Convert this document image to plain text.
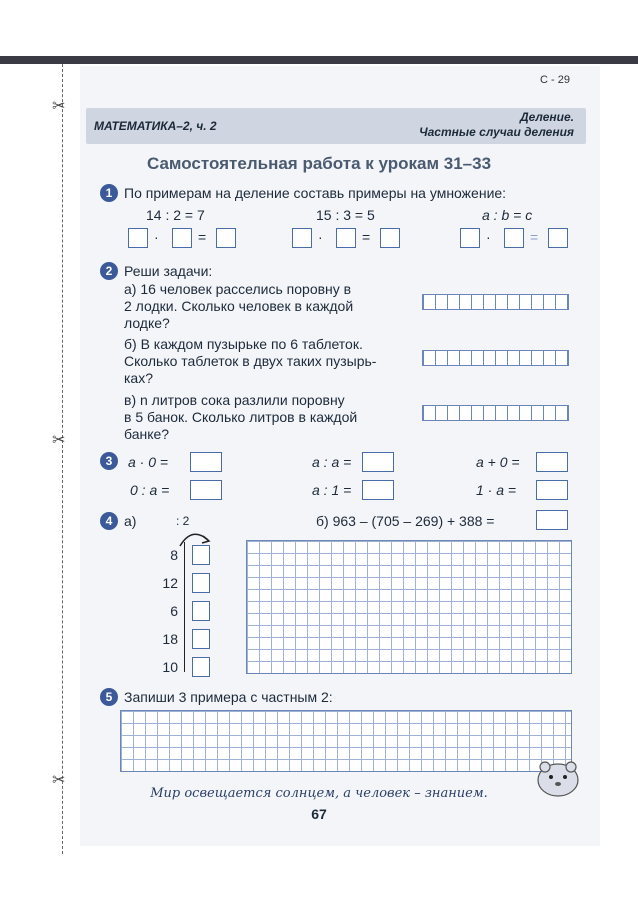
✂
✂
✂
С - 29
МАТЕМАТИКА–2, ч. 2
Деление.
Частные случаи деления
Самостоятельная работа к урокам 31–33
1 По примерам на деление составь примеры на умножение:
14 : 2 = 7	15 : 3 = 5	a : b = c
·	=	·	=	·	=
2 Реши задачи:
а) 16 человек расселись поровну в
2 лодки. Сколько человек в каждой
лодке?
б) В каждом пузырьке по 6 таблеток.
Сколько таблеток в двух таких пузырь-
ках?
в) n литров сока разлили поровну
в 5 банок. Сколько литров в каждой
банке?
3	a · 0 =	a : a =	a + 0 =
0 : a =	a : 1 =	1 · a =
4 а)	: 2
8
12
6
18
10
б) 963 – (705 – 269) + 388 =
5 Запиши 3 примера с частным 2:
Мир освещается солнцем, а человек – знанием.
67
